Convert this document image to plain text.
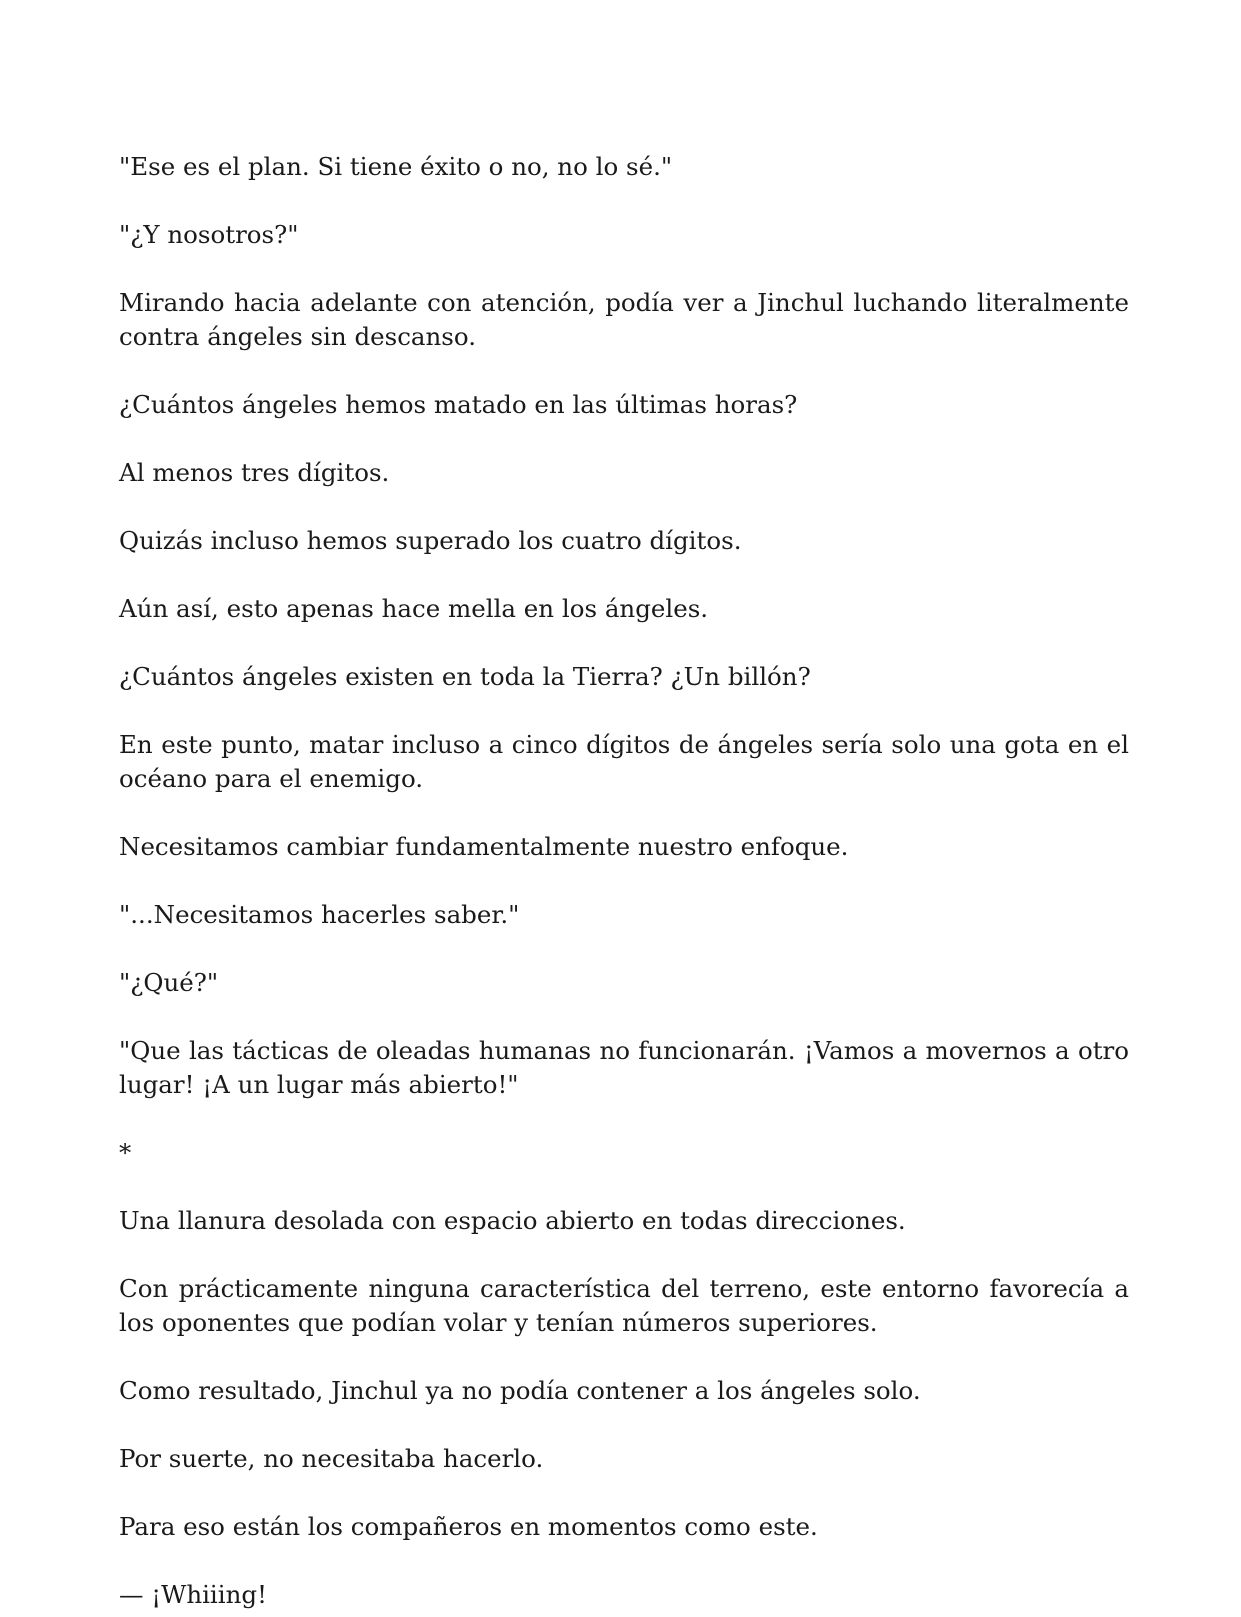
"Ese es el plan. Si tiene éxito o no, no lo sé."

"¿Y nosotros?"

Mirando hacia adelante con atención, podía ver a Jinchul luchando literalmente contra ángeles sin descanso.

¿Cuántos ángeles hemos matado en las últimas horas?

Al menos tres dígitos.

Quizás incluso hemos superado los cuatro dígitos.

Aún así, esto apenas hace mella en los ángeles.

¿Cuántos ángeles existen en toda la Tierra? ¿Un billón?

En este punto, matar incluso a cinco dígitos de ángeles sería solo una gota en el océano para el enemigo.

Necesitamos cambiar fundamentalmente nuestro enfoque.

"...Necesitamos hacerles saber."

"¿Qué?"

"Que las tácticas de oleadas humanas no funcionarán. ¡Vamos a movernos a otro lugar! ¡A un lugar más abierto!"

*

Una llanura desolada con espacio abierto en todas direcciones.

Con prácticamente ninguna característica del terreno, este entorno favorecía a los oponentes que podían volar y tenían números superiores.

Como resultado, Jinchul ya no podía contener a los ángeles solo.

Por suerte, no necesitaba hacerlo.

Para eso están los compañeros en momentos como este.

— ¡Whiiing!
